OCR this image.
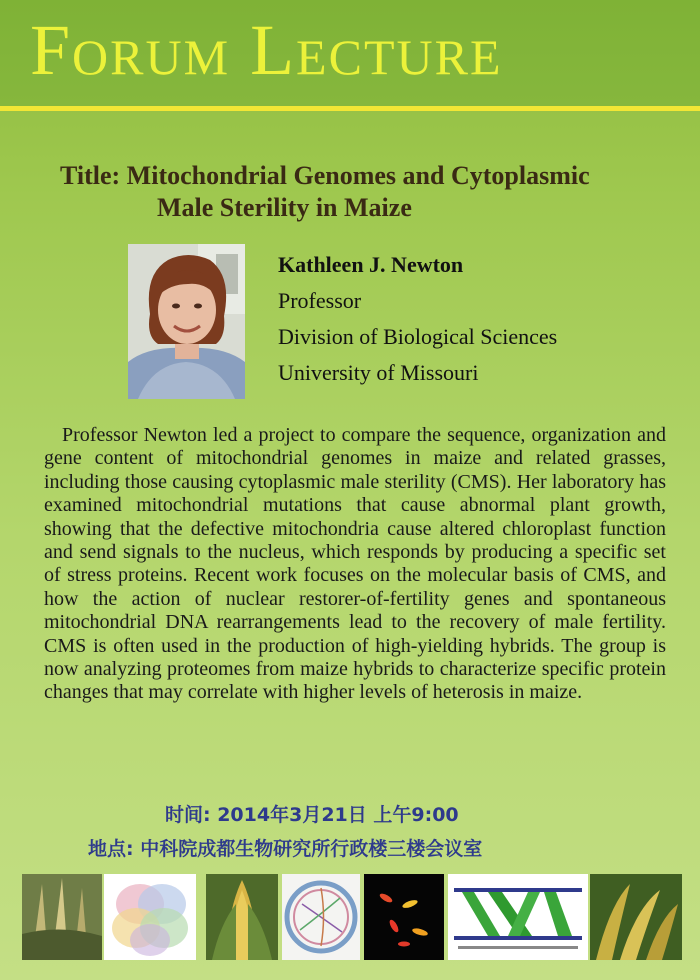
Forum Lecture
Title: Mitochondrial Genomes and Cytoplasmic
Male Sterility in Maize
Kathleen J. Newton
Professor
Division of Biological Sciences
University of Missouri
Professor Newton led a project to compare the sequence, organization and gene content of mitochondrial genomes in maize and related grasses, including those causing cytoplasmic male sterility (CMS). Her laboratory has examined mitochondrial mutations that cause abnormal plant growth, showing that the defective mitochondria cause altered chloroplast function and send signals to the nucleus, which responds by producing a specific set of stress proteins. Recent work focuses on the molecular basis of CMS, and how the action of nuclear restorer-of-fertility genes and spontaneous mitochondrial DNA rearrangements lead to the recovery of male fertility. CMS is often used in the production of high-yielding hybrids. The group is now analyzing proteomes from maize hybrids to characterize specific protein changes that may correlate with higher levels of heterosis in maize.
时间: 2014年3月21日 上午9:00
地点: 中科院成都生物研究所行政楼三楼会议室
